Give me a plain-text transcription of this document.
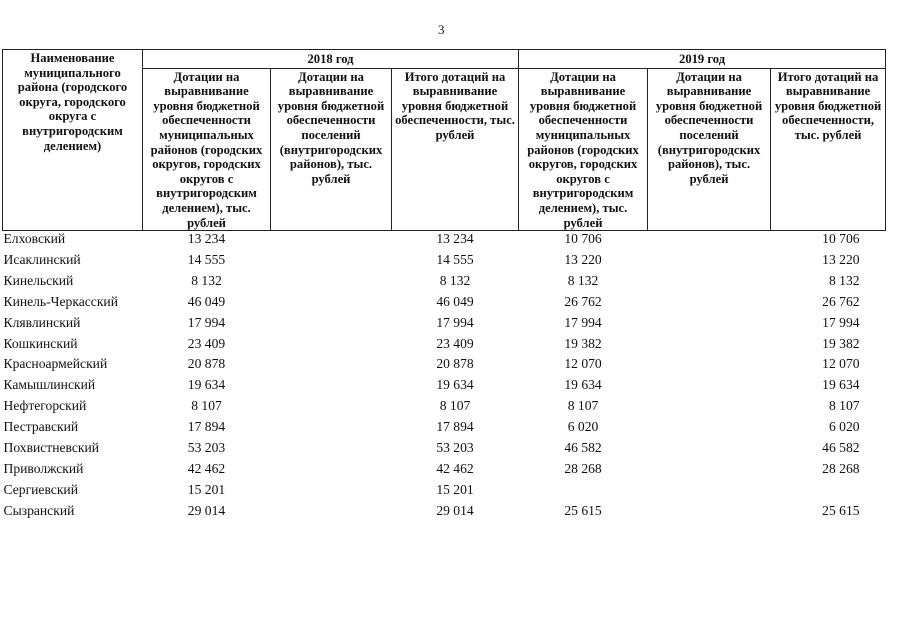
3
Наименование муниципального района (городского округа, городского округа с внутригородским делением)	2018 год			2019 год		
	Дотации на выравнивание уровня бюджетной обеспеченности муниципальных районов (городских округов, городских округов с внутригородским делением), тыс. рублей	Дотации на выравнивание уровня бюджетной обеспеченности поселений (внутригородских районов), тыс. рублей	Итого дотаций на выравнивание уровня бюджетной обеспеченности, тыс. рублей	Дотации на выравнивание уровня бюджетной обеспеченности муниципальных районов (городских округов, городских округов с внутригородским делением), тыс. рублей	Дотации на выравнивание уровня бюджетной обеспеченности поселений (внутригородских районов), тыс. рублей	Итого дотаций на выравнивание уровня бюджетной обеспеченности, тыс. рублей
Елховский	13 234		13 234	10 706		10 706
Исаклинский	14 555		14 555	13 220		13 220
Кинельский	8 132		8 132	8 132		8 132
Кинель-Черкасский	46 049		46 049	26 762		26 762
Клявлинский	17 994		17 994	17 994		17 994
Кошкинский	23 409		23 409	19 382		19 382
Красноармейский	20 878		20 878	12 070		12 070
Камышлинский	19 634		19 634	19 634		19 634
Нефтегорский	8 107		8 107	8 107		8 107
Пестравский	17 894		17 894	6 020		6 020
Похвистневский	53 203		53 203	46 582		46 582
Приволжский	42 462		42 462	28 268		28 268
Сергиевский	15 201		15 201			
Сызранский	29 014		29 014	25 615		25 615
